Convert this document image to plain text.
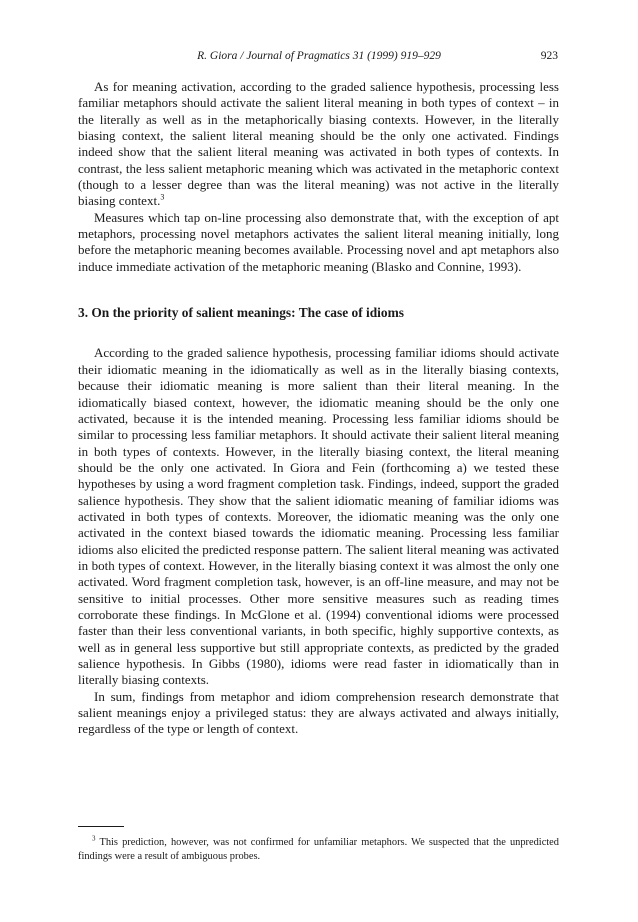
R. Giora / Journal of Pragmatics 31 (1999) 919–929	923

As for meaning activation, according to the graded salience hypothesis, processing less familiar metaphors should activate the salient literal meaning in both types of context – in the literally as well as in the metaphorically biasing contexts. However, in the literally biasing context, the salient literal meaning should be the only one activated. Findings indeed show that the salient literal meaning was activated in both types of contexts. In contrast, the less salient metaphoric meaning which was activated in the metaphoric context (though to a lesser degree than was the literal meaning) was not active in the literally biasing context.$^3$

Measures which tap on-line processing also demonstrate that, with the exception of apt metaphors, processing novel metaphors activates the salient literal meaning initially, long before the metaphoric meaning becomes available. Processing novel and apt metaphors also induce immediate activation of the metaphoric meaning (Blasko and Connine, 1993).

3. On the priority of salient meanings: The case of idioms

According to the graded salience hypothesis, processing familiar idioms should activate their idiomatic meaning in the idiomatically as well as in the literally biasing contexts, because their idiomatic meaning is more salient than their literal meaning. In the idiomatically biased context, however, the idiomatic meaning should be the only one activated, because it is the intended meaning. Processing less familiar idioms should be similar to processing less familiar metaphors. It should activate their salient literal meaning in both types of contexts. However, in the literally biasing context, the literal meaning should be the only one activated. In Giora and Fein (forthcoming a) we tested these hypotheses by using a word fragment completion task. Findings, indeed, support the graded salience hypothesis. They show that the salient idiomatic meaning of familiar idioms was activated in both types of contexts. Moreover, the idiomatic meaning was the only one activated in the context biased towards the idiomatic meaning. Processing less familiar idioms also elicited the predicted response pattern. The salient literal meaning was activated in both types of context. However, in the literally biasing context it was almost the only one activated. Word fragment completion task, however, is an off-line measure, and may not be sensitive to initial processes. Other more sensitive measures such as reading times corroborate these findings. In McGlone et al. (1994) conventional idioms were processed faster than their less conventional variants, in both specific, highly supportive contexts, as well as in general less supportive but still appropriate contexts, as predicted by the graded salience hypothesis. In Gibbs (1980), idioms were read faster in idiomatically than in literally biasing contexts.

In sum, findings from metaphor and idiom comprehension research demonstrate that salient meanings enjoy a privileged status: they are always activated and always initially, regardless of the type or length of context.

$^3$ This prediction, however, was not confirmed for unfamiliar metaphors. We suspected that the unpredicted findings were a result of ambiguous probes.
